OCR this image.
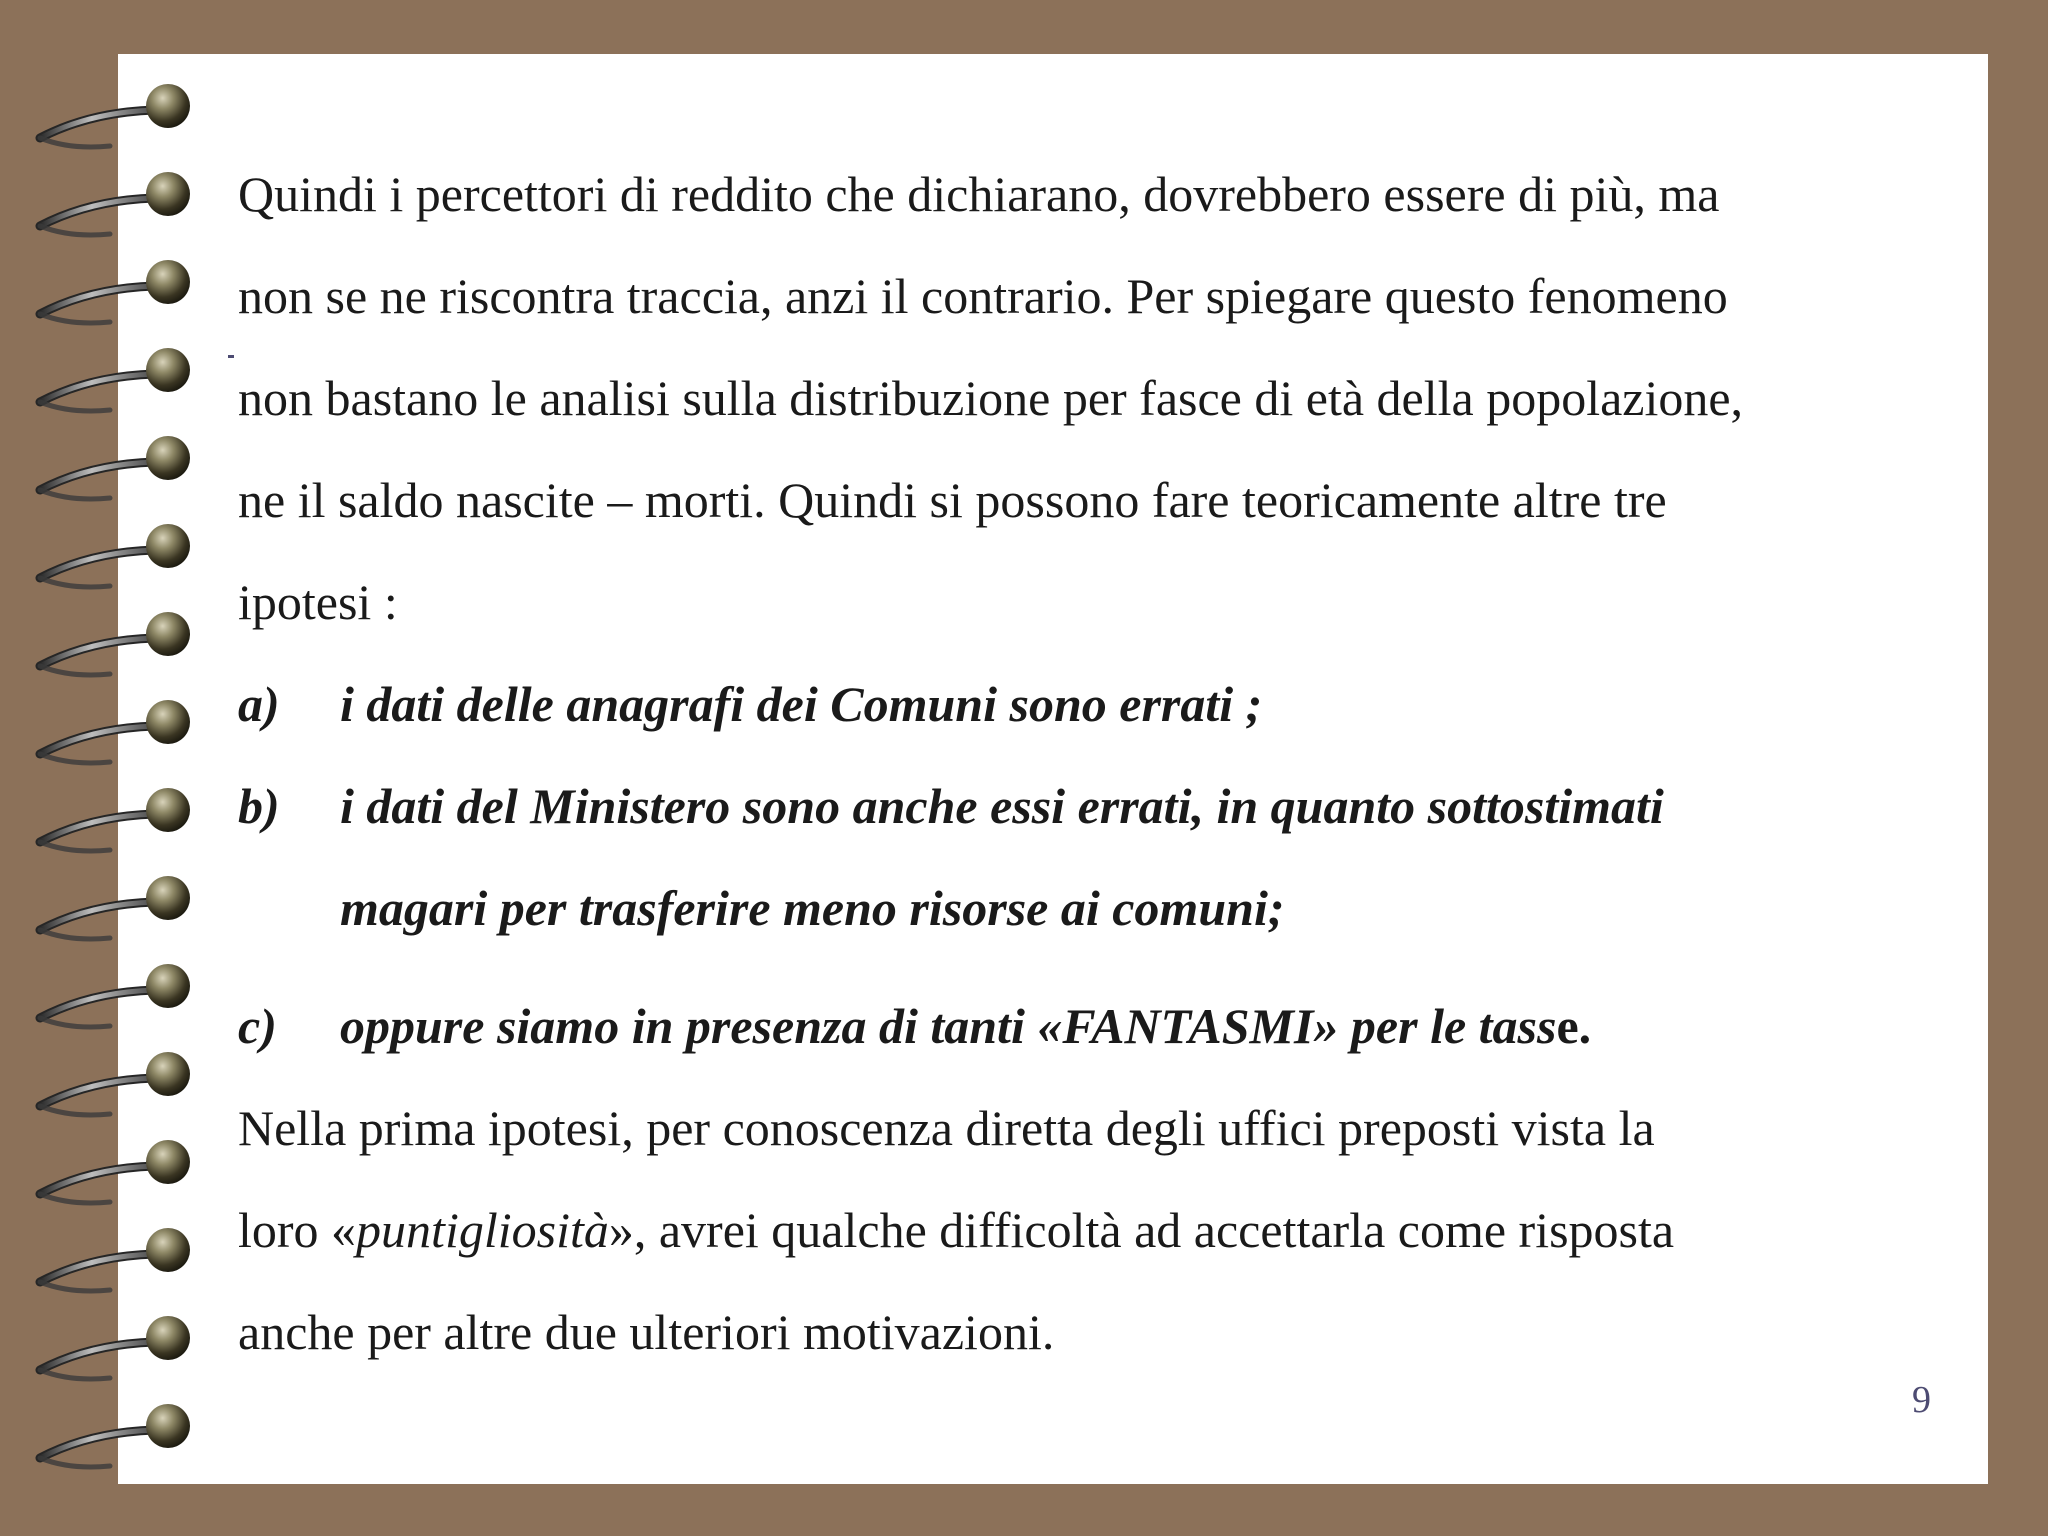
Quindi i percettori di reddito che dichiarano, dovrebbero essere di più, ma
non se ne riscontra traccia, anzi il contrario. Per spiegare questo fenomeno
non bastano le analisi sulla distribuzione per fasce di età della popolazione,
ne il saldo nascite – morti. Quindi si possono fare teoricamente altre tre
ipotesi :
a)	i dati delle anagrafi dei Comuni sono errati ;
b)	i dati del Ministero sono anche essi errati, in quanto sottostimati
magari per trasferire meno risorse ai comuni;
c)	oppure siamo in presenza di tanti «FANTASMI» per le tasse.
Nella prima ipotesi, per conoscenza diretta degli uffici preposti vista la
loro «puntigliosità», avrei qualche difficoltà ad accettarla come risposta
anche per altre due ulteriori motivazioni.
9
